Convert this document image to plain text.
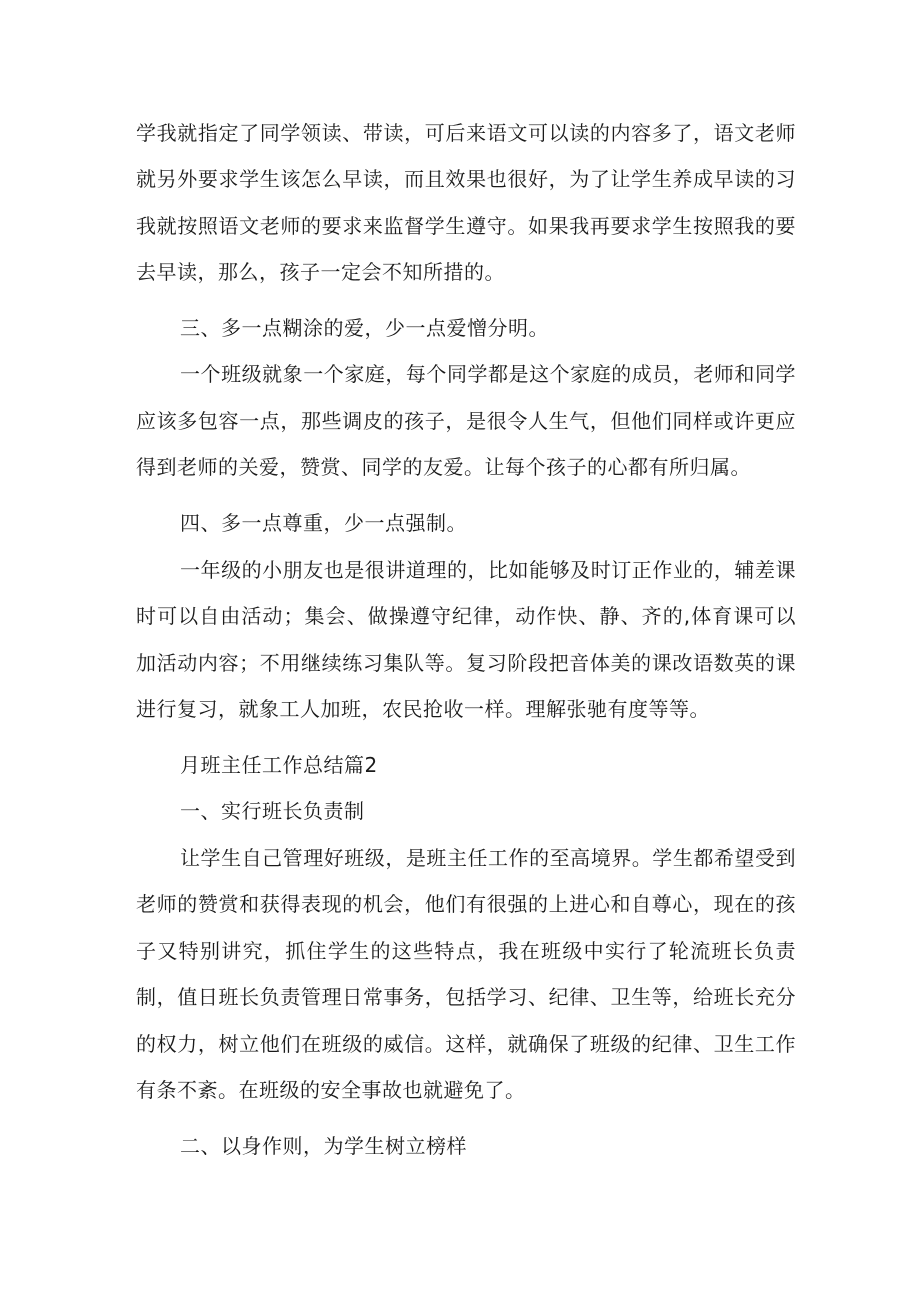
学我就指定了同学领读、带读，可后来语文可以读的内容多了，语文老师
就另外要求学生该怎么早读，而且效果也很好，为了让学生养成早读的习
我就按照语文老师的要求来监督学生遵守。如果我再要求学生按照我的要
去早读，那么，孩子一定会不知所措的。
三、多一点糊涂的爱，少一点爱憎分明。
一个班级就象一个家庭，每个同学都是这个家庭的成员，老师和同学
应该多包容一点，那些调皮的孩子，是很令人生气，但他们同样或许更应
得到老师的关爱，赞赏、同学的友爱。让每个孩子的心都有所归属。
四、多一点尊重，少一点强制。
一年级的小朋友也是很讲道理的，比如能够及时订正作业的，辅差课
时可以自由活动；集会、做操遵守纪律，动作快、静、齐的,体育课可以
加活动内容；不用继续练习集队等。复习阶段把音体美的课改语数英的课
进行复习，就象工人加班，农民抢收一样。理解张驰有度等等。
月班主任工作总结篇2
一、实行班长负责制
让学生自己管理好班级，是班主任工作的至高境界。学生都希望受到
老师的赞赏和获得表现的机会，他们有很强的上进心和自尊心，现在的孩
子又特别讲究，抓住学生的这些特点，我在班级中实行了轮流班长负责
制，值日班长负责管理日常事务，包括学习、纪律、卫生等，给班长充分
的权力，树立他们在班级的威信。这样，就确保了班级的纪律、卫生工作
有条不紊。在班级的安全事故也就避免了。
二、以身作则，为学生树立榜样
